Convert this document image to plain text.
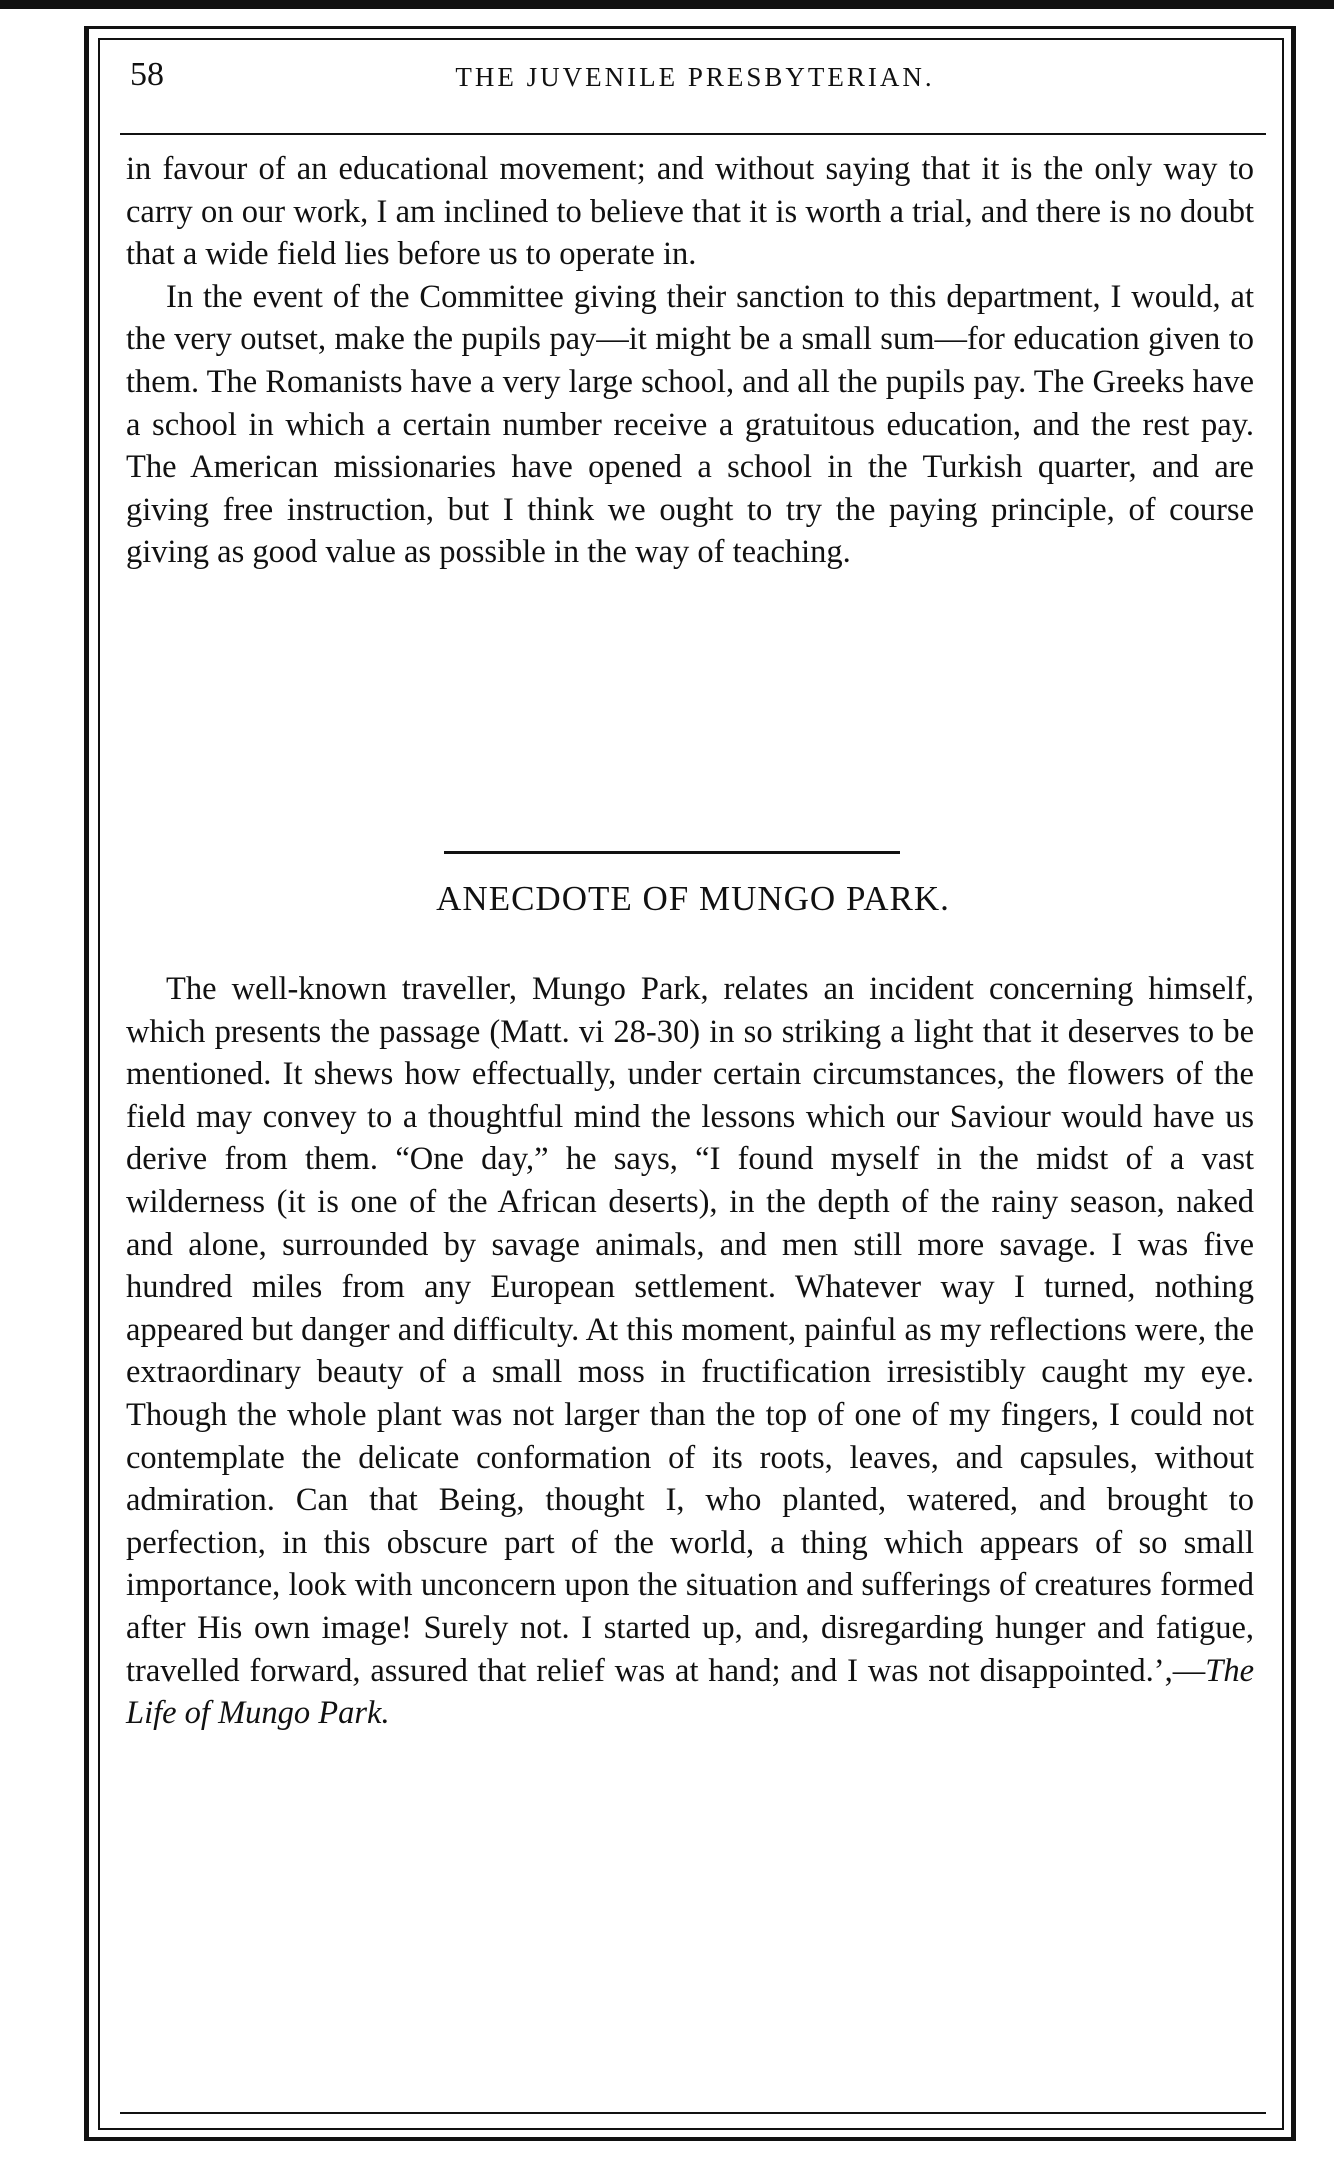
58	THE JUVENILE PRESBYTERIAN.

in favour of an educational movement; and without saying that it is the only way to carry on our work, I am inclined to believe that it is worth a trial, and there is no doubt that a wide field lies before us to operate in.

In the event of the Committee giving their sanction to this department, I would, at the very outset, make the pupils pay—it might be a small sum—for education given to them. The Romanists have a very large school, and all the pupils pay. The Greeks have a school in which a certain number receive a gratuitous education, and the rest pay. The American missionaries have opened a school in the Turkish quarter, and are giving free instruction, but I think we ought to try the paying principle, of course giving as good value as possible in the way of teaching.

ANECDOTE OF MUNGO PARK.

The well-known traveller, Mungo Park, relates an incident concerning himself, which presents the passage (Matt. vi 28-30) in so striking a light that it deserves to be mentioned. It shews how effectually, under certain circumstances, the flowers of the field may convey to a thoughtful mind the lessons which our Saviour would have us derive from them. “One day,” he says, “I found myself in the midst of a vast wilderness (it is one of the African deserts), in the depth of the rainy season, naked and alone, surrounded by savage animals, and men still more savage. I was five hundred miles from any European settlement. Whatever way I turned, nothing appeared but danger and difficulty. At this moment, painful as my reflections were, the extraordinary beauty of a small moss in fructification irresistibly caught my eye. Though the whole plant was not larger than the top of one of my fingers, I could not contemplate the delicate conformation of its roots, leaves, and capsules, without admiration. Can that Being, thought I, who planted, watered, and brought to perfection, in this obscure part of the world, a thing which appears of so small importance, look with unconcern upon the situation and sufferings of creatures formed after His own image! Surely not. I started up, and, disregarding hunger and fatigue, travelled forward, assured that relief was at hand; and I was not disappointed.’,—The Life of Mungo Park.
